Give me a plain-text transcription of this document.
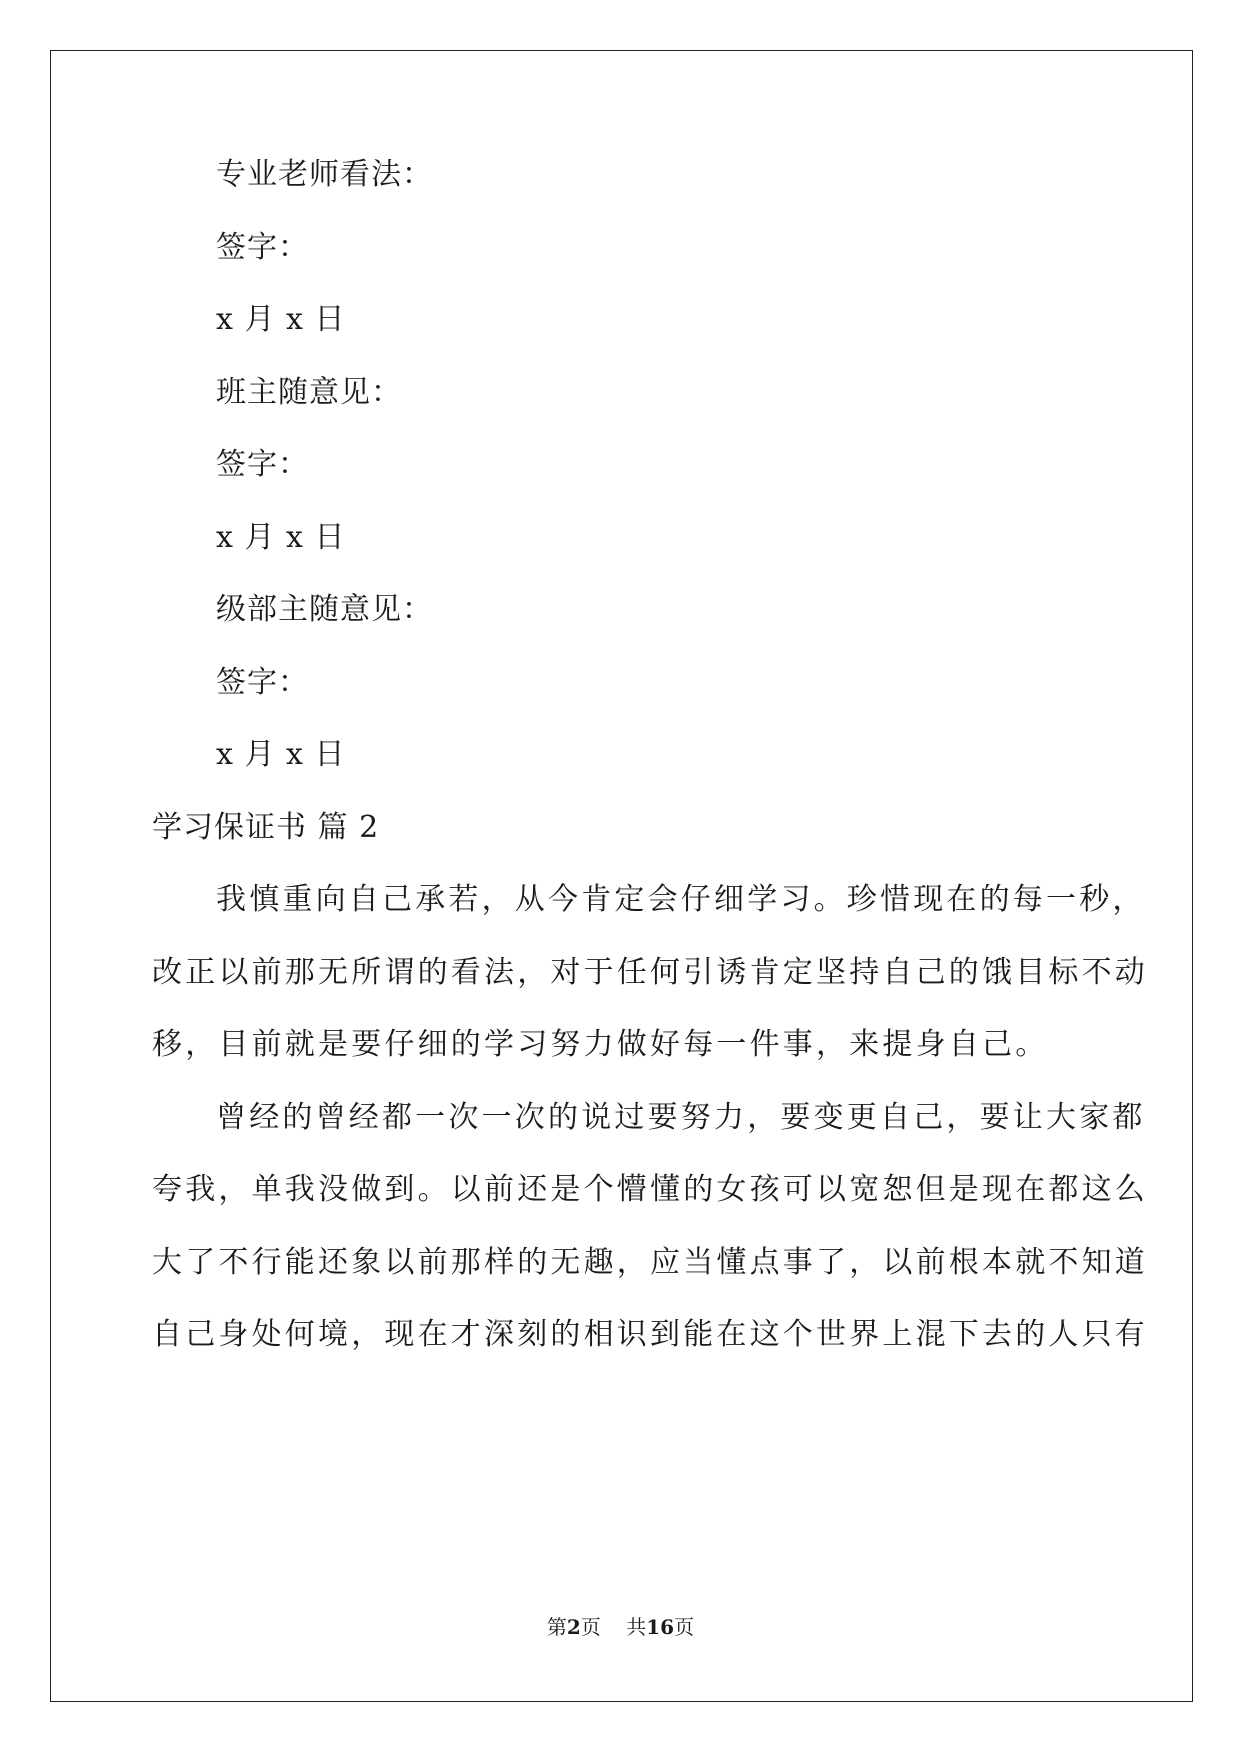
专业老师看法：
签字：
x 月 x 日
班主随意见：
签字：
x 月 x 日
级部主随意见：
签字：
x 月 x 日
学习保证书 篇 2
我慎重向自己承若，从今肯定会仔细学习。珍惜现在的每一秒，
改正以前那无所谓的看法，对于任何引诱肯定坚持自己的饿目标不动
移，目前就是要仔细的学习努力做好每一件事，来提身自己。
曾经的曾经都一次一次的说过要努力，要变更自己，要让大家都
夸我，单我没做到。以前还是个懵懂的女孩可以宽恕但是现在都这么
大了不行能还象以前那样的无趣，应当懂点事了，以前根本就不知道
自己身处何境，现在才深刻的相识到能在这个世界上混下去的人只有
第2页    共16页
